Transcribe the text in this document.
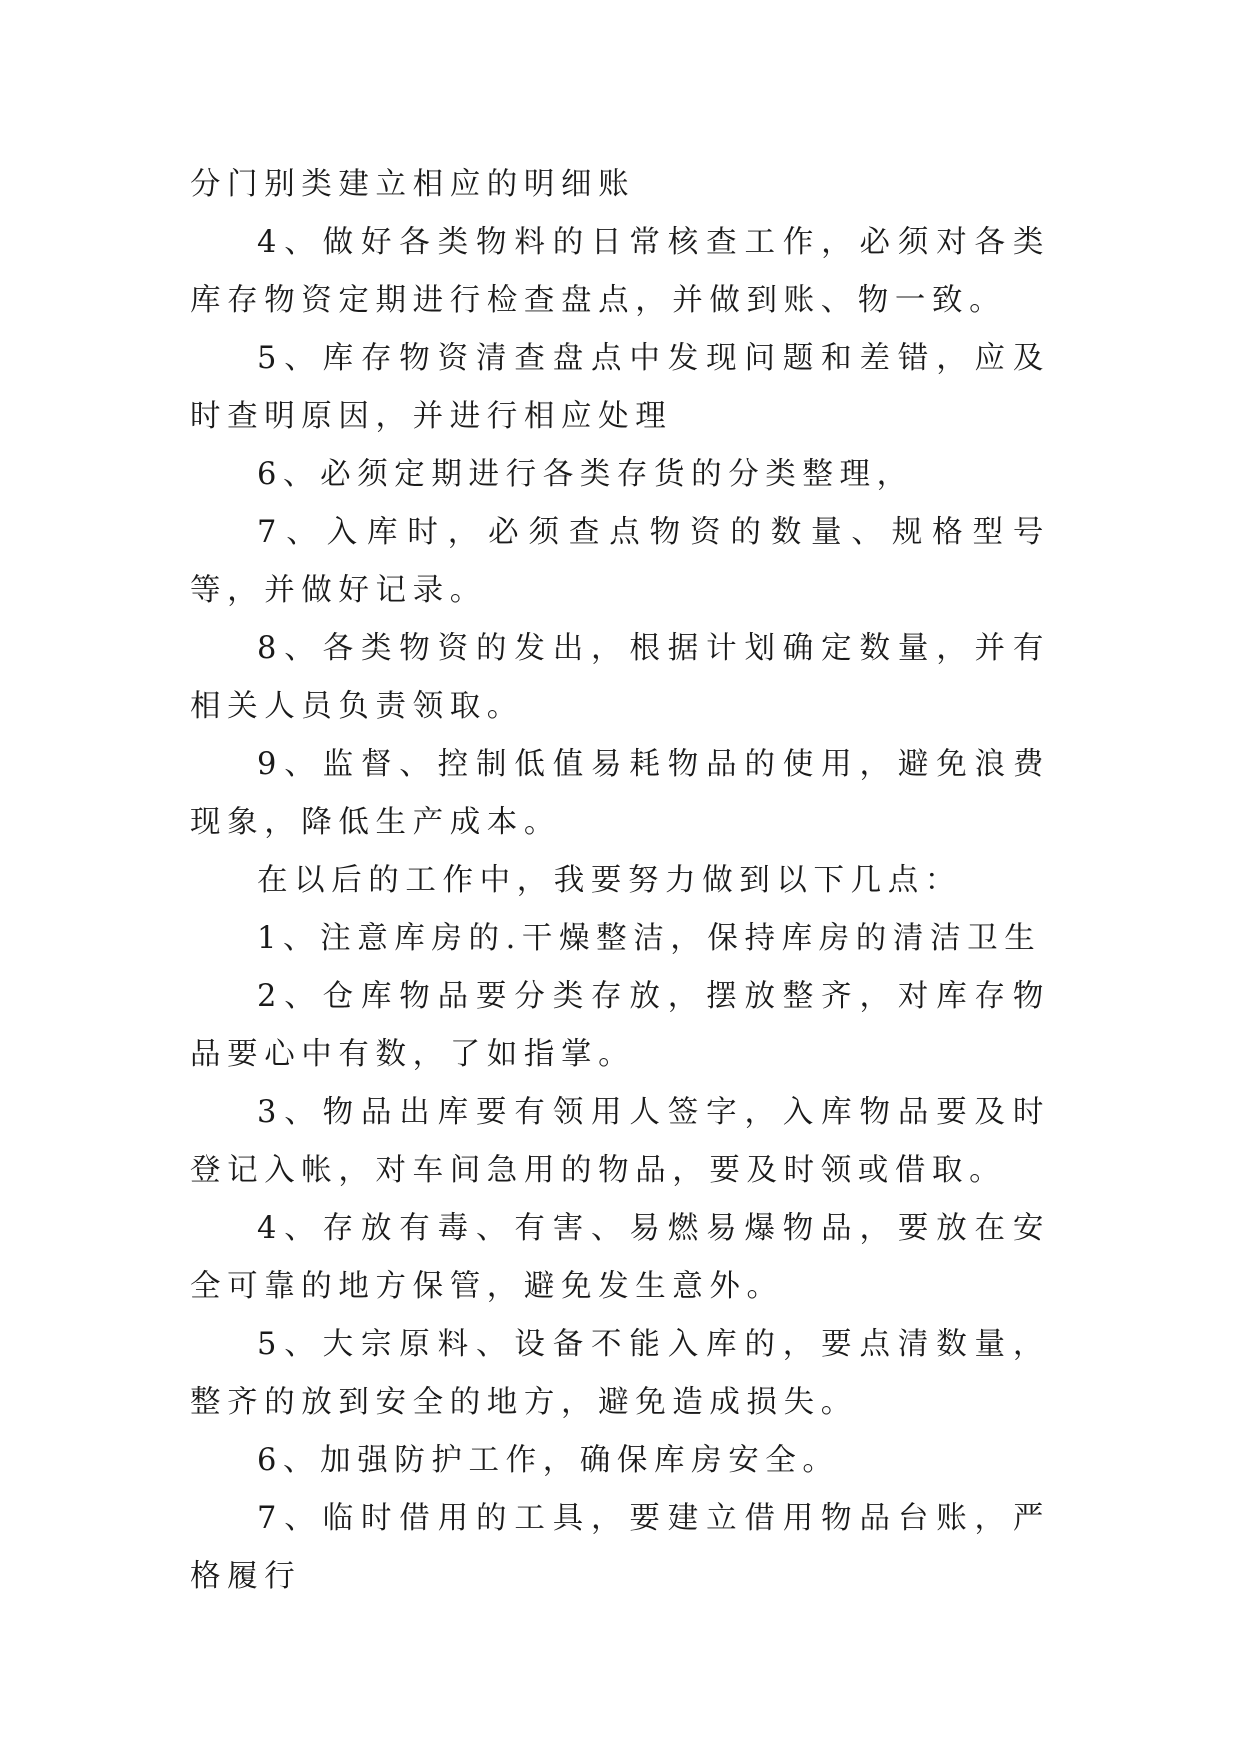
分门别类建立相应的明细账

4、做好各类物料的日常核查工作，必须对各类库存物资定期进行检查盘点，并做到账、物一致。

5、库存物资清查盘点中发现问题和差错，应及时查明原因，并进行相应处理

6、必须定期进行各类存货的分类整理，

7、入库时，必须查点物资的数量、规格型号等，并做好记录。

8、各类物资的发出，根据计划确定数量，并有相关人员负责领取。

9、监督、控制低值易耗物品的使用，避免浪费现象，降低生产成本。

在以后的工作中，我要努力做到以下几点：

1、注意库房的.干燥整洁，保持库房的清洁卫生

2、仓库物品要分类存放，摆放整齐，对库存物品要心中有数，了如指掌。

3、物品出库要有领用人签字，入库物品要及时登记入帐，对车间急用的物品，要及时领或借取。

4、存放有毒、有害、易燃易爆物品，要放在安全可靠的地方保管，避免发生意外。

5、大宗原料、设备不能入库的，要点清数量，整齐的放到安全的地方，避免造成损失。

6、加强防护工作，确保库房安全。

7、临时借用的工具，要建立借用物品台账，严格履行
